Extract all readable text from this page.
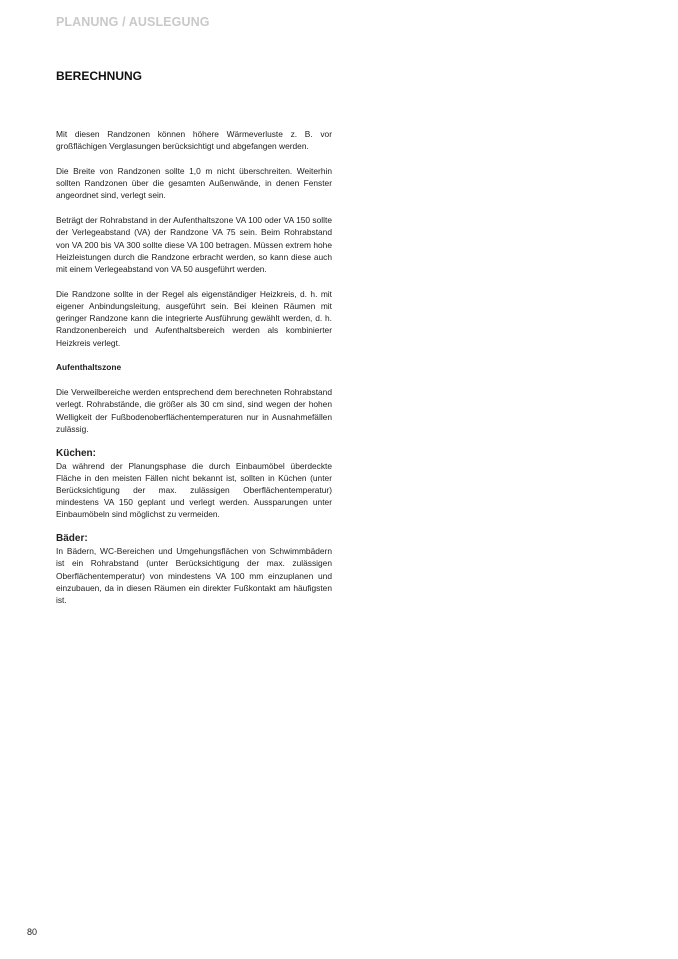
PLANUNG / AUSLEGUNG
BERECHNUNG

Mit diesen Randzonen können höhere Wärmeverluste z. B. vor großflächigen Verglasungen berücksichtigt und abgefangen werden.

Die Breite von Randzonen sollte 1,0 m nicht überschreiten. Weiterhin sollten Randzonen über die gesamten Außenwände, in denen Fenster angeordnet sind, verlegt sein.

Beträgt der Rohrabstand in der Aufenthaltszone VA 100 oder VA 150 sollte der Verlegeabstand (VA) der Randzone VA 75 sein. Beim Rohrabstand von VA 200 bis VA 300 sollte diese VA 100 betragen. Müssen extrem hohe Heizleistungen durch die Randzone erbracht werden, so kann diese auch mit einem Verlegeabstand von VA 50 ausgeführt werden.

Die Randzone sollte in der Regel als eigenständiger Heizkreis, d. h. mit eigener Anbindungsleitung, ausgeführt sein. Bei kleinen Räumen mit geringer Randzone kann die integrierte Ausführung gewählt werden, d. h. Randzonenbereich und Aufenthaltsbereich werden als kombinierter Heizkreis verlegt.

Aufenthaltszone

Die Verweilbereiche werden entsprechend dem berechneten Rohrabstand verlegt. Rohrabstände, die größer als 30 cm sind, sind wegen der hohen Welligkeit der Fußbodenoberflächentemperaturen nur in Ausnahmefällen zulässig.

Küchen:

Da während der Planungsphase die durch Einbaumöbel überdeckte Fläche in den meisten Fällen nicht bekannt ist, sollten in Küchen (unter Berücksichtigung der max. zulässigen Oberflächentemperatur) mindestens VA 150 geplant und verlegt werden. Aussparungen unter Einbaumöbeln sind möglichst zu vermeiden.

Bäder:

In Bädern, WC-Bereichen und Umgehungsflächen von Schwimmbädern ist ein Rohrabstand (unter Berücksichtigung der max. zulässigen Oberflächentemperatur) von mindestens VA 100 mm einzuplanen und einzubauen, da in diesen Räumen ein direkter Fußkontakt am häufigsten ist.

80
